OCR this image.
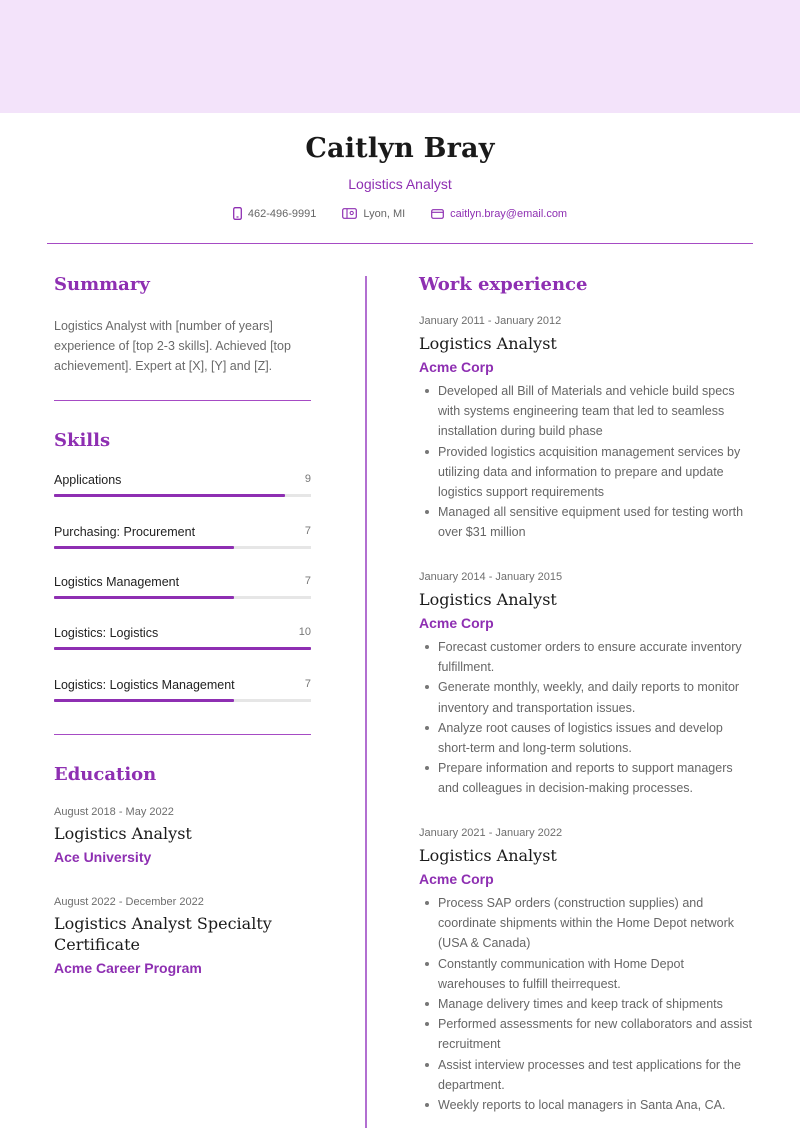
Caitlyn Bray
Logistics Analyst
462-496-9991	Lyon, MI	caitlyn.bray@email.com
Summary
Logistics Analyst with [number of years] experience of [top 2-3 skills]. Achieved [top achievement]. Expert at [X], [Y] and [Z].
Skills
Applications	9
Purchasing: Procurement	7
Logistics Management	7
Logistics: Logistics	10
Logistics: Logistics Management	7
Education
August 2018 - May 2022
Logistics Analyst
Ace University
August 2022 - December 2022
Logistics Analyst Specialty Certificate
Acme Career Program
Work experience
January 2011 - January 2012
Logistics Analyst
Acme Corp
Developed all Bill of Materials and vehicle build specs with systems engineering team that led to seamless installation during build phase
Provided logistics acquisition management services by utilizing data and information to prepare and update logistics support requirements
Managed all sensitive equipment used for testing worth over $31 million
January 2014 - January 2015
Logistics Analyst
Acme Corp
Forecast customer orders to ensure accurate inventory fulfillment.
Generate monthly, weekly, and daily reports to monitor inventory and transportation issues.
Analyze root causes of logistics issues and develop short-term and long-term solutions.
Prepare information and reports to support managers and colleagues in decision-making processes.
January 2021 - January 2022
Logistics Analyst
Acme Corp
Process SAP orders (construction supplies) and coordinate shipments within the Home Depot network (USA & Canada)
Constantly communication with Home Depot warehouses to fulfill theirrequest.
Manage delivery times and keep track of shipments
Performed assessments for new collaborators and assist recruitment
Assist interview processes and test applications for the department.
Weekly reports to local managers in Santa Ana, CA.
